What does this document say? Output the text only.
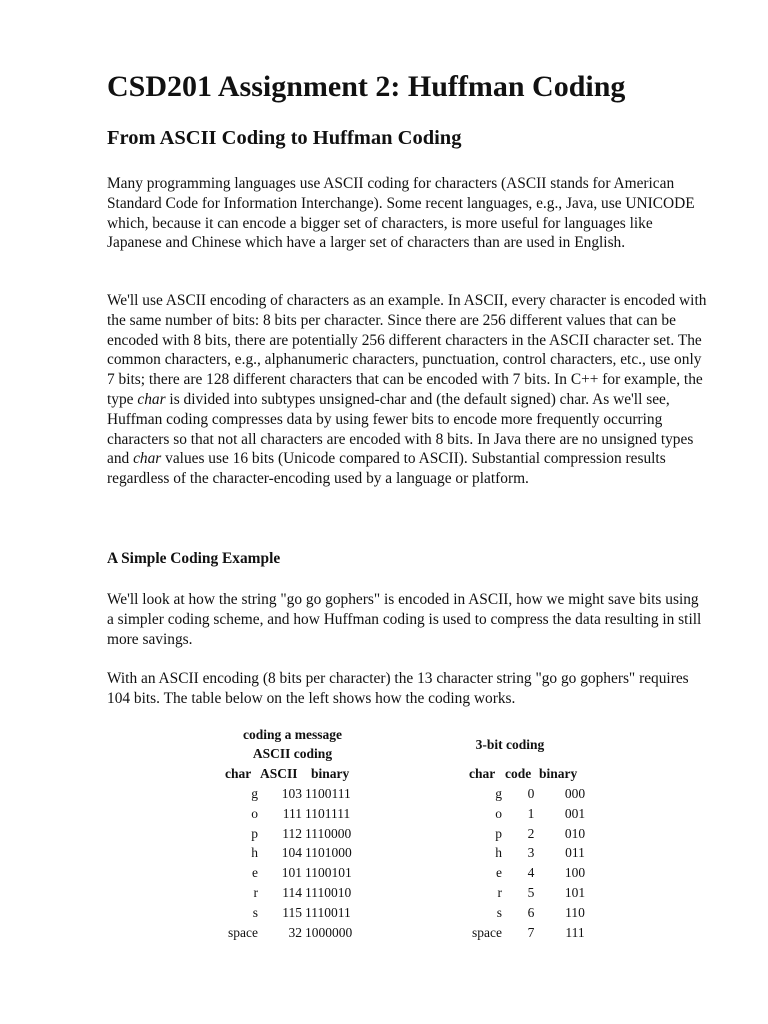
CSD201 Assignment 2: Huffman Coding
From ASCII Coding to Huffman Coding

Many programming languages use ASCII coding for characters (ASCII stands for American Standard Code for Information Interchange). Some recent languages, e.g., Java, use UNICODE which, because it can encode a bigger set of characters, is more useful for languages like Japanese and Chinese which have a larger set of characters than are used in English.

We'll use ASCII encoding of characters as an example. In ASCII, every character is encoded with the same number of bits: 8 bits per character. Since there are 256 different values that can be encoded with 8 bits, there are potentially 256 different characters in the ASCII character set. The common characters, e.g., alphanumeric characters, punctuation, control characters, etc., use only 7 bits; there are 128 different characters that can be encoded with 7 bits. In C++ for example, the type char is divided into subtypes unsigned-char and (the default signed) char. As we'll see, Huffman coding compresses data by using fewer bits to encode more frequently occurring characters so that not all characters are encoded with 8 bits. In Java there are no unsigned types and char values use 16 bits (Unicode compared to ASCII). Substantial compression results regardless of the character-encoding used by a language or platform.

A Simple Coding Example

We'll look at how the string "go go gophers" is encoded in ASCII, how we might save bits using a simpler coding scheme, and how Huffman coding is used to compress the data resulting in still more savings.

With an ASCII encoding (8 bits per character) the 13 character string "go go gophers" requires 104 bits. The table below on the left shows how the coding works.

coding a message
ASCII coding
char ASCII binary
g	103 1100111
o	111 1101111
p	112 1110000
h	104 1101000
e	101 1100101
r	114 1110010
s	115 1110011
space	32 1000000
3-bit coding
char code binary
g	0	000
o	1	001
p	2	010
h	3	011
e	4	100
r	5	101
s	6	110
space	7	111
